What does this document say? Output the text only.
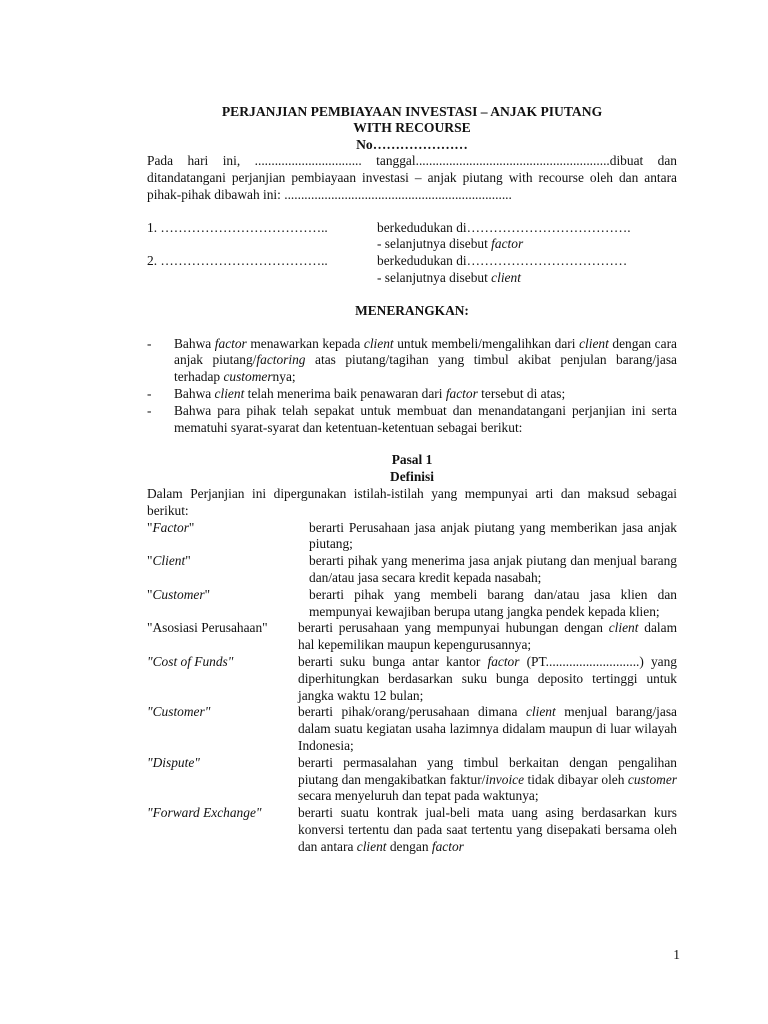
PERJANJIAN PEMBIAYAAN INVESTASI – ANJAK PIUTANG

WITH RECOURSE

No…………………

Pada hari ini, ................................ tanggal..........................................................dibuat dan ditandatangani perjanjian pembiayaan investasi – anjak piutang with recourse oleh dan antara pihak-pihak dibawah ini: ....................................................................

1. ………………………………..	berkedudukan di……………………………….
- selanjutnya disebut factor
2. ………………………………..	berkedudukan di………………………………
- selanjutnya disebut client

MENERANGKAN:

-	Bahwa factor menawarkan kepada client untuk membeli/mengalihkan dari client dengan cara anjak piutang/factoring atas piutang/tagihan yang timbul akibat penjulan barang/jasa terhadap customernya;
-	Bahwa client telah menerima baik penawaran dari factor tersebut di atas;
-	Bahwa para pihak telah sepakat untuk membuat dan menandatangani perjanjian ini serta mematuhi syarat-syarat dan ketentuan-ketentuan sebagai berikut:

Pasal 1

Definisi

Dalam Perjanjian ini dipergunakan istilah-istilah yang mempunyai arti dan maksud sebagai berikut:

"Factor"	berarti Perusahaan jasa anjak piutang yang memberikan jasa anjak piutang;
"Client"	berarti pihak yang menerima jasa anjak piutang dan menjual barang dan/atau jasa secara kredit kepada nasabah;
"Customer"	berarti pihak yang membeli barang dan/atau jasa klien dan mempunyai kewajiban berupa utang jangka pendek kepada klien;
"Asosiasi Perusahaan"	berarti perusahaan yang mempunyai hubungan dengan client dalam hal kepemilikan maupun kepengurusannya;
"Cost of Funds"	berarti suku bunga antar kantor factor (PT............................) yang diperhitungkan berdasarkan suku bunga deposito tertinggi untuk jangka waktu 12 bulan;
"Customer"	berarti pihak/orang/perusahaan dimana client menjual barang/jasa dalam suatu kegiatan usaha lazimnya didalam maupun di luar wilayah Indonesia;
"Dispute"	berarti permasalahan yang timbul berkaitan dengan pengalihan piutang dan mengakibatkan faktur/invoice tidak dibayar oleh customer secara menyeluruh dan tepat pada waktunya;
"Forward Exchange"	berarti suatu kontrak jual-beli mata uang asing berdasarkan kurs konversi tertentu dan pada saat tertentu yang disepakati bersama oleh dan antara client dengan factor
1
